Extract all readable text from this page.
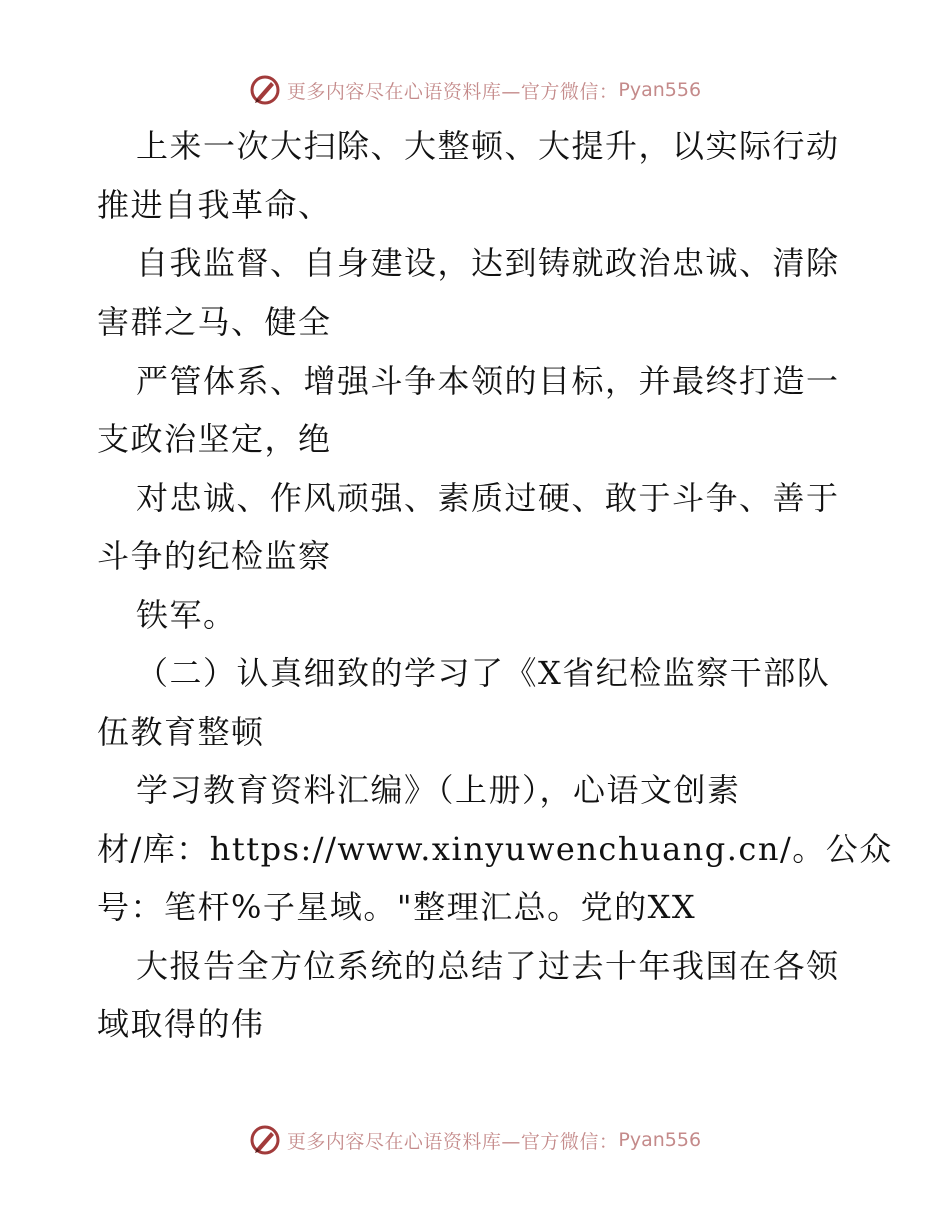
更多内容尽在心语资料库—官方微信： Pyan556
上来一次大扫除、大整顿、大提升，以实际行动
推进自我革命、
自我监督、自身建设，达到铸就政治忠诚、清除
害群之马、健全
严管体系、增强斗争本领的目标，并最终打造一
支政治坚定，绝
对忠诚、作风顽强、素质过硬、敢于斗争、善于
斗争的纪检监察
铁军。
（二）认真细致的学习了《X省纪检监察干部队
伍教育整顿
学习教育资料汇编》（上册），心语文创素
材/库：https://www.xinyuwenchuang.cn/。公众
号：笔杆%子星域。"整理汇总。党的XX
大报告全方位系统的总结了过去十年我国在各领
域取得的伟
更多内容尽在心语资料库—官方微信： Pyan556
